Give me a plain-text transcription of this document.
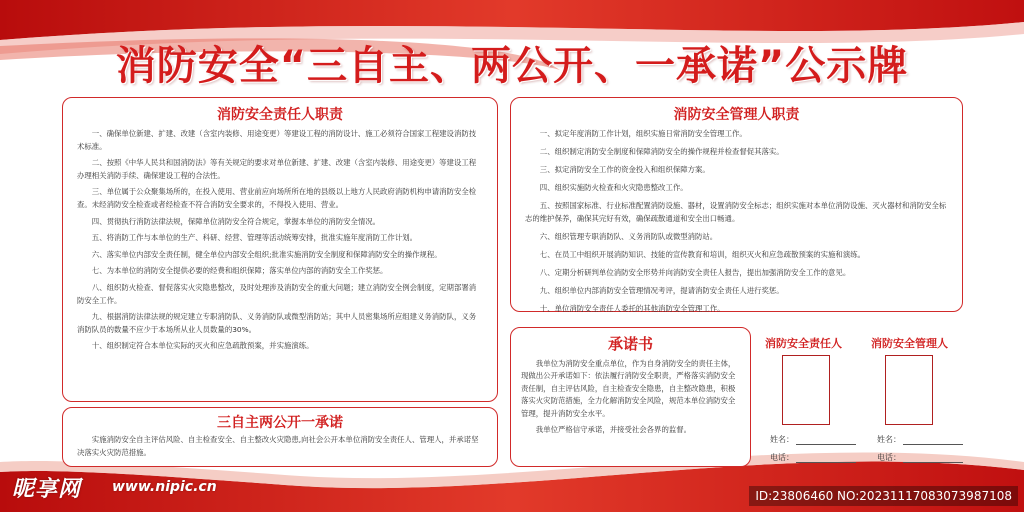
消防安全“三自主、两公开、一承诺”公示牌
消防安全责任人职责

一、确保单位新建、扩建、改建（含室内装修、用途变更）等建设工程的消防设计、施工必须符合国家工程建设消防技术标准。

二、按照《中华人民共和国消防法》等有关规定的要求对单位新建、扩建、改建（含室内装修、用途变更）等建设工程办理相关消防手续、确保建设工程的合法性。

三、单位属于公众聚集场所的，在投入使用、营业前应向场所所在地的县级以上地方人民政府消防机构申请消防安全检查。未经消防安全检查或者经检查不符合消防安全要求的，不得投入使用、营业。

四、贯彻执行消防法律法规，保障单位消防安全符合规定，掌握本单位的消防安全情况。

五、将消防工作与本单位的生产、科研、经营、管理等活动统筹安排，批准实施年度消防工作计划。

六、落实单位内部安全责任制，健全单位内部安全组织;批准实施消防安全制度和保障消防安全的操作规程。

七、为本单位的消防安全提供必要的经费和组织保障；落实单位内部的消防安全工作奖惩。

八、组织防火检查、督促落实火灾隐患整改，及时处理涉及消防安全的重大问题；建立消防安全例会制度，定期部署消防安全工作。

九、根据消防法律法规的规定建立专职消防队、义务消防队或微型消防站；其中人员密集场所应组建义务消防队，义务消防队员的数量不应少于本场所从业人员数量的30%。

十、组织制定符合本单位实际的灭火和应急疏散预案，并实施演练。

三自主两公开一承诺

实施消防安全自主评估风险、自主检查安全、自主整改火灾隐患,向社会公开本单位消防安全责任人、管理人，并承诺坚决落实火灾防范措施。

消防安全管理人职责

一、拟定年度消防工作计划，组织实施日常消防安全管理工作。

二、组织制定消防安全制度和保障消防安全的操作规程并检查督促其落实。

三、拟定消防安全工作的资金投入和组织保障方案。

四、组织实施防火检查和火灾隐患整改工作。

五、按照国家标准、行业标准配置消防设施、器材，设置消防安全标志；组织实施对本单位消防设施、灭火器材和消防安全标志的维护保养，确保其完好有效，确保疏散通道和安全出口畅通。

六、组织管理专职消防队、义务消防队或微型消防站。

七、在员工中组织开展消防知识、技能的宣传教育和培训，组织灭火和应急疏散预案的实施和演练。

八、定期分析研判单位消防安全形势并向消防安全责任人报告，提出加强消防安全工作的意见。

九、组织单位内部消防安全管理情况考评，提请消防安全责任人进行奖惩。

十、单位消防安全责任人委托的其他消防安全管理工作。

承诺书

我单位为消防安全重点单位，作为自身消防安全的责任主体，现做出公开承诺如下：依法履行消防安全职责，严格落实消防安全责任制，自主评估风险，自主检查安全隐患，自主整改隐患，积极落实火灾防范措施，全力化解消防安全风险，规范本单位消防安全管理，提升消防安全水平。

我单位严格信守承诺，并接受社会各界的监督。

消防安全责任人
姓名：
电话：
消防安全管理人
姓名：
电话：
昵享网 www.nipic.cn
ID:23806460 NO:20231117083073987108
